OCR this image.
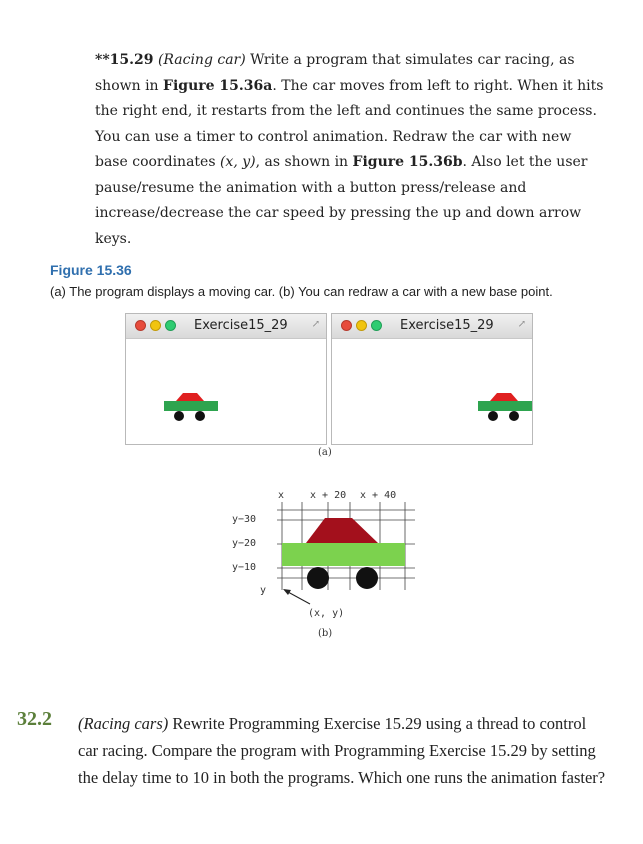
**15.29 (Racing car) Write a program that simulates car racing, as shown in Figure 15.36a. The car moves from left to right. When it hits the right end, it restarts from the left and continues the same process. You can use a timer to control animation. Redraw the car with new base coordinates (x, y), as shown in Figure 15.36b. Also let the user pause/resume the animation with a button press/release and increase/decrease the car speed by pressing the up and down arrow keys.
Figure 15.36
(a) The program displays a moving car. (b) You can redraw a car with a new base point.
Exercise15_29 ↗	Exercise15_29 ↗
(a)
x	x + 20 x + 40
y−30
y−20
y−10
y
(x, y)
(b)
32.2 (Racing cars) Rewrite Programming Exercise 15.29 using a thread to control car racing. Compare the program with Programming Exercise 15.29 by setting the delay time to 10 in both the programs. Which one runs the animation faster?
